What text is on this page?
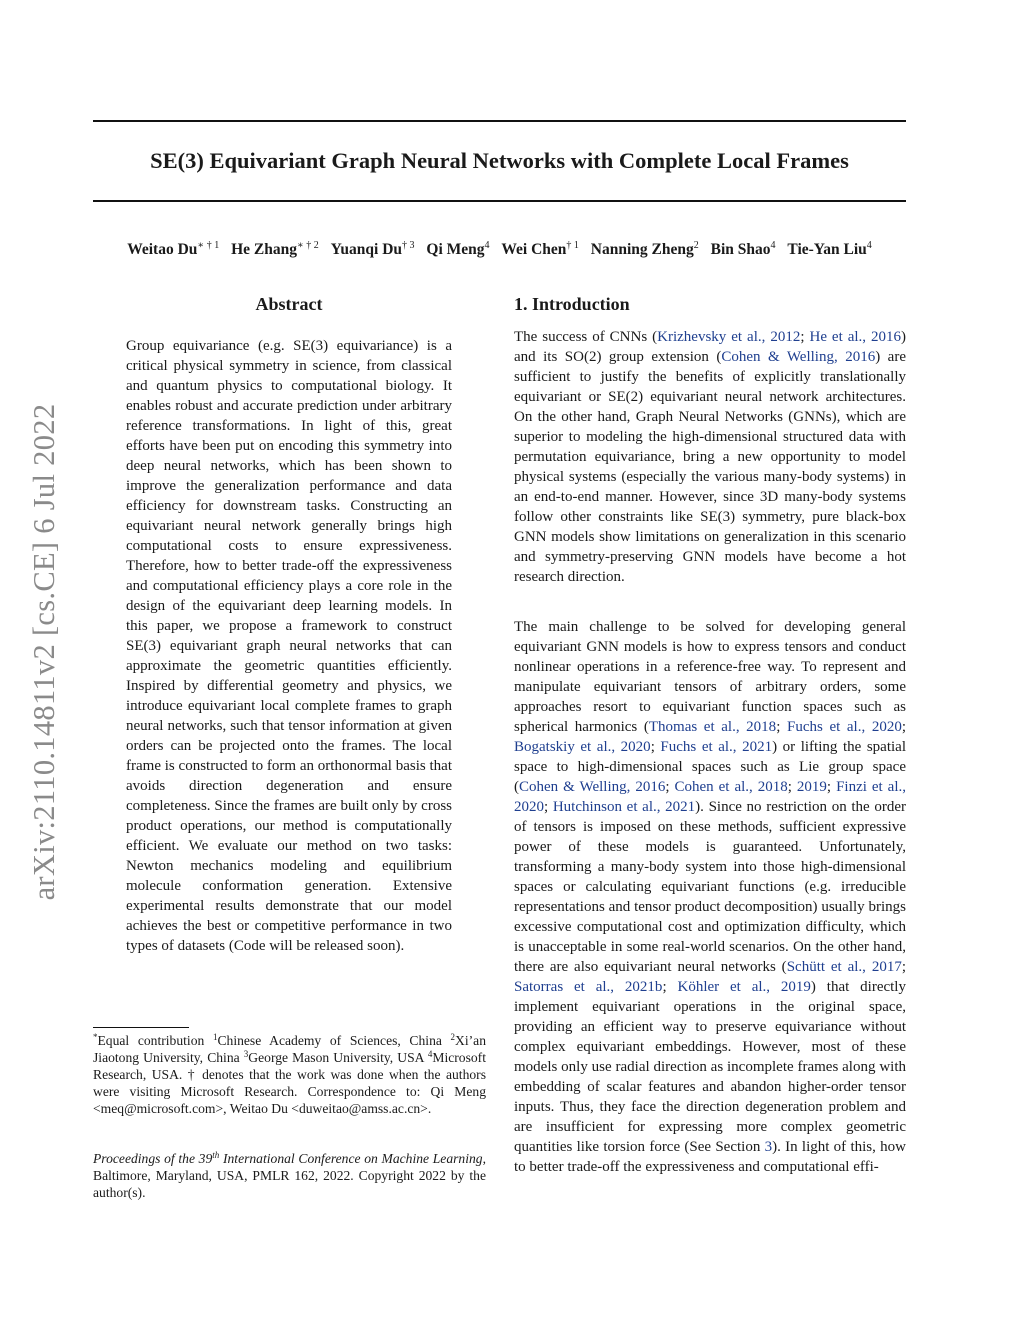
SE(3) Equivariant Graph Neural Networks with Complete Local Frames
Weitao $Du^{∗ \dagger 1}$ He Zhang$^{∗ \dagger 2}$ Yuanqi Du$^{\dagger 3}$ Qi Meng$^4$ Wei Chen$^{\dagger 1}$ Nanning Zheng$^2$ Bin Shao$^4$ Tie-Yan Liu$^4$
arXiv:2110.14811v2 [cs.CE] 6 Jul 2022
Abstract
Group equivariance (e.g. SE(3) equivariance) is a critical physical symmetry in science, from classical and quantum physics to computational biology. It enables robust and accurate prediction under arbitrary reference transformations. In light of this, great efforts have been put on encoding this symmetry into deep neural networks, which has been shown to improve the generalization performance and data efficiency for downstream tasks. Constructing an equivariant neural network generally brings high computational costs to ensure expressiveness. Therefore, how to better trade-off the expressiveness and computational efficiency plays a core role in the design of the equivariant deep learning models. In this paper, we propose a framework to construct SE(3) equivariant graph neural networks that can approximate the geometric quantities efficiently. Inspired by differential geometry and physics, we introduce equivariant local complete frames to graph neural networks, such that tensor information at given orders can be projected onto the frames. The local frame is constructed to form an orthonormal basis that avoids direction degeneration and ensure completeness. Since the frames are built only by cross product operations, our method is computationally efficient. We evaluate our method on two tasks: Newton mechanics modeling and equilibrium molecule conformation generation. Extensive experimental results demonstrate that our model achieves the best or competitive performance in two types of datasets (Code will be released soon).
*Equal contribution $^1$Chinese Academy of Sciences, China $^2$Xi’an Jiaotong University, China $^3$George Mason University, USA $^4$Microsoft Research, USA. † denotes that the work was done when the authors were visiting Microsoft Research. Correspondence to: Qi Meng <meq@microsoft.com>, Weitao Du <duweitao@amss.ac.cn>.
Proceedings of the 39th International Conference on Machine Learning, Baltimore, Maryland, USA, PMLR 162, 2022. Copyright 2022 by the author(s).
1. Introduction
The success of CNNs (Krizhevsky et al., 2012; He et al., 2016) and its SO(2) group extension (Cohen & Welling, 2016) are sufficient to justify the benefits of explicitly translationally equivariant or SE(2) equivariant neural network architectures. On the other hand, Graph Neural Networks (GNNs), which are superior to modeling the high-dimensional structured data with permutation equivariance, bring a new opportunity to model physical systems (especially the various many-body systems) in an end-to-end manner. However, since 3D many-body systems follow other constraints like SE(3) symmetry, pure black-box GNN models show limitations on generalization in this scenario and symmetry-preserving GNN models have become a hot research direction.
The main challenge to be solved for developing general equivariant GNN models is how to express tensors and conduct nonlinear operations in a reference-free way. To represent and manipulate equivariant tensors of arbitrary orders, some approaches resort to equivariant function spaces such as spherical harmonics (Thomas et al., 2018; Fuchs et al., 2020; Bogatskiy et al., 2020; Fuchs et al., 2021) or lifting the spatial space to high-dimensional spaces such as Lie group space (Cohen & Welling, 2016; Cohen et al., 2018; 2019; Finzi et al., 2020; Hutchinson et al., 2021). Since no restriction on the order of tensors is imposed on these methods, sufficient expressive power of these models is guaranteed. Unfortunately, transforming a many-body system into those high-dimensional spaces or calculating equivariant functions (e.g. irreducible representations and tensor product decomposition) usually brings excessive computational cost and optimization difficulty, which is unacceptable in some real-world scenarios. On the other hand, there are also equivariant neural networks (Schütt et al., 2017; Satorras et al., 2021b; Köhler et al., 2019) that directly implement equivariant operations in the original space, providing an efficient way to preserve equivariance without complex equivariant embeddings. However, most of these models only use radial direction as incomplete frames along with embedding of scalar features and abandon higher-order tensor inputs. Thus, they face the direction degeneration problem and are insufficient for expressing more complex geometric quantities like torsion force (See Section 3). In light of this, how to better trade-off the expressiveness and computational effi-
